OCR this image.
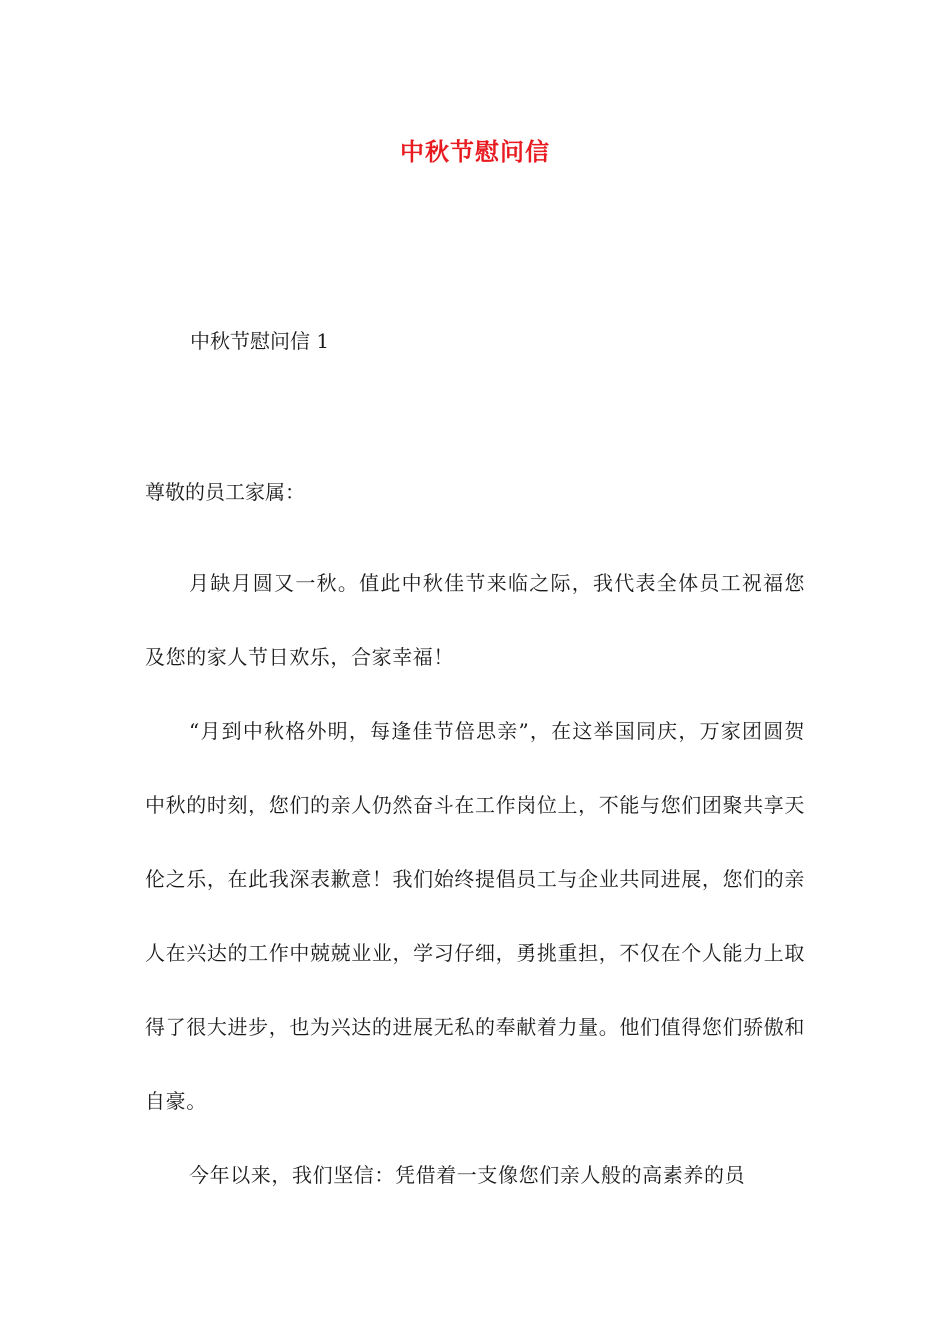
中秋节慰问信
中秋节慰问信 1
尊敬的员工家属：

月缺月圆又一秋。值此中秋佳节来临之际，我代表全体员工祝福您及您的家人节日欢乐，合家幸福！

“月到中秋格外明，每逢佳节倍思亲”，在这举国同庆，万家团圆贺中秋的时刻，您们的亲人仍然奋斗在工作岗位上，不能与您们团聚共享天伦之乐，在此我深表歉意！我们始终提倡员工与企业共同进展，您们的亲人在兴达的工作中兢兢业业，学习仔细，勇挑重担，不仅在个人能力上取得了很大进步，也为兴达的进展无私的奉献着力量。他们值得您们骄傲和自豪。

今年以来，我们坚信：凭借着一支像您们亲人般的高素养的员
